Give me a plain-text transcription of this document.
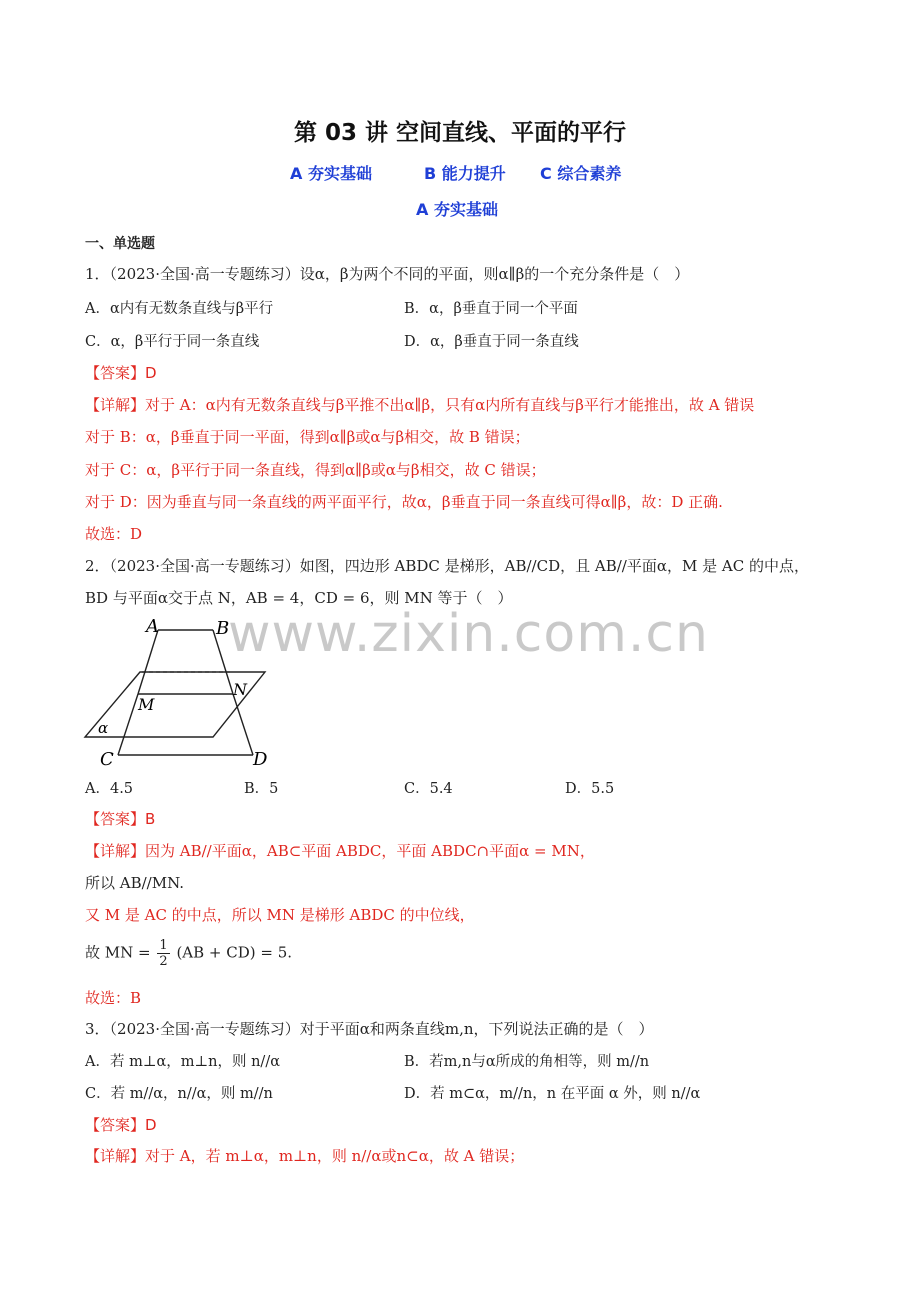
www.zixin.com.cn
第 03 讲 空间直线、平面的平行
A 夯实基础	B 能力提升 C 综合素养
A 夯实基础
一、单选题
1．（2023·全国·高一专题练习）设α，β为两个不同的平面，则α∥β的一个充分条件是（　）
A．α内有无数条直线与β平行	B．α，β垂直于同一个平面
C．α，β平行于同一条直线	D．α，β垂直于同一条直线
【答案】D
【详解】对于 A：α内有无数条直线与β平推不出α∥β，只有α内所有直线与β平行才能推出，故 A 错误
对于 B：α，β垂直于同一平面，得到α∥β或α与β相交，故 B 错误；
对于 C：α，β平行于同一条直线，得到α∥β或α与β相交，故 C 错误；
对于 D：因为垂直与同一条直线的两平面平行，故α，β垂直于同一条直线可得α∥β，故：D 正确.
故选：D
2．（2023·全国·高一专题练习）如图，四边形 ABDC 是梯形，AB//CD，且 AB//平面α，M 是 AC 的中点，
BD 与平面α交于点 N，AB = 4，CD = 6，则 MN 等于（　）
A	B
M
N
α
C	D
A．4.5	B．5	C．5.4	D．5.5
【答案】B
【详解】因为 AB//平面α，AB⊂平面 ABDC，平面 ABDC∩平面α = MN，
所以 AB//MN.
又 M 是 AC 的中点，所以 MN 是梯形 ABDC 的中位线，
故 MN = $\frac{1}{2} (AB + CD) = 5$.
故选：B
3．（2023·全国·高一专题练习）对于平面α和两条直线m,n，下列说法正确的是（　）
A．若 m⊥α，m⊥n，则 n//α	B．若m,n与α所成的角相等，则 m//n
C．若 m//α，n//α，则 m//n	D．若 m⊂α，m//n，n 在平面 α 外，则 n//α
【答案】D
【详解】对于 A，若 m⊥α，m⊥n，则 n//α或n⊂α，故 A 错误；
